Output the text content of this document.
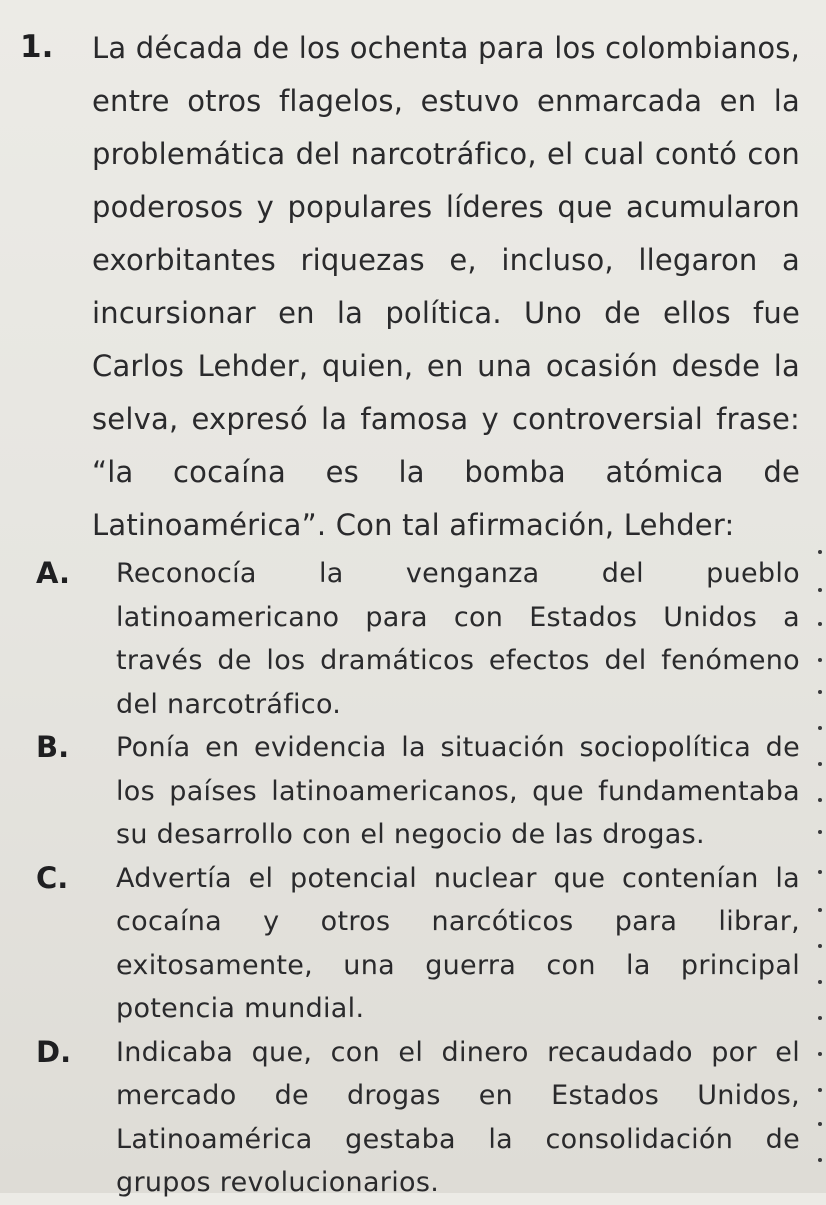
1. La década de los ochenta para los colombianos, entre otros flagelos, estuvo enmarcada en la problemática del narcotráfico, el cual contó con poderosos y populares líderes que acumularon exorbitantes riquezas e, incluso, llegaron a incursionar en la política. Uno de ellos fue Carlos Lehder, quien, en una ocasión desde la selva, expresó la famosa y controversial frase: “la cocaína es la bomba atómica de Latinoamérica”. Con tal afirmación, Lehder:
A. Reconocía la venganza del pueblo latinoamericano para con Estados Unidos a través de los dramáticos efectos del fenómeno del narcotráfico.
B. Ponía en evidencia la situación sociopolítica de los países latinoamericanos, que fundamentaba su desarrollo con el negocio de las drogas.
C. Advertía el potencial nuclear que contenían la cocaína y otros narcóticos para librar, exitosamente, una guerra con la principal potencia mundial.
D. Indicaba que, con el dinero recaudado por el mercado de drogas en Estados Unidos, Latinoamérica gestaba la consolidación de grupos revolucionarios.
